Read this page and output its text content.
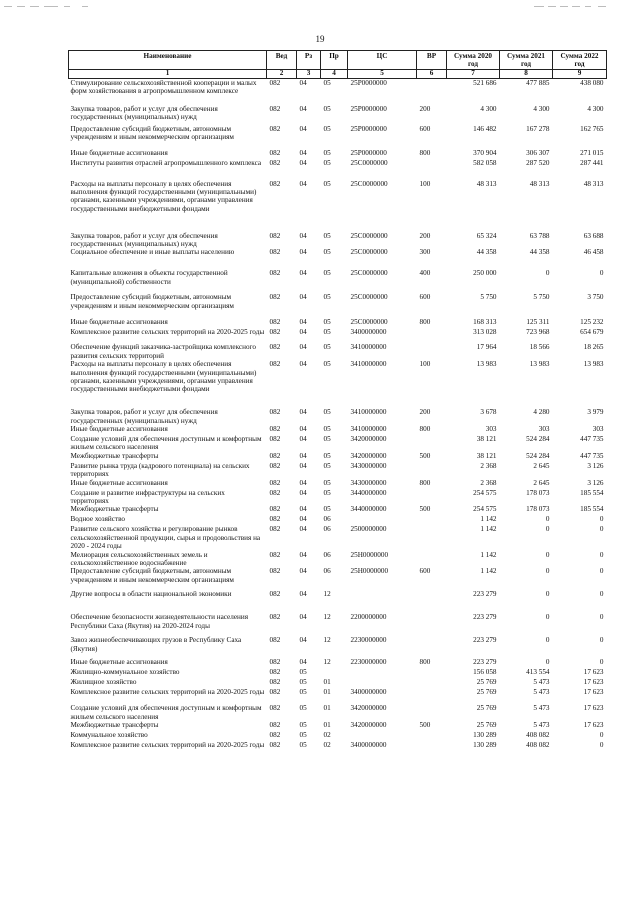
19
Наименование	Вед	Рз	Пр	ЦС	ВР	Сумма 2020 год	Сумма 2021 год	Сумма 2022 год
1	2	3	4	5	6	7	8	9
Стимулирование сельскохозяйственной кооперации и малых форм хозяйствования в агропромышленном комплексе	082	04	05	25P0000000		521 686	477 885	438 080
Закупка товаров, работ и услуг для обеспечения государственных (муниципальных) нужд	082	04	05	25P0000000	200	4 300	4 300	4 300
Предоставление субсидий бюджетным, автономным учреждениям и иным некоммерческим организациям	082	04	05	25P0000000	600	146 482	167 278	162 765
Иные бюджетные ассигнования	082	04	05	25P0000000	800	370 904	306 307	271 015
Институты развития отраслей агропромышленного комплекса	082	04	05	25C0000000		582 058	287 520	287 441
Расходы на выплаты персоналу в целях обеспечения выполнения функций государственными (муниципальными) органами, казенными учреждениями, органами управления государственными внебюджетными фондами	082	04	05	25C0000000	100	48 313	48 313	48 313
Закупка товаров, работ и услуг для обеспечения государственных (муниципальных) нужд	082	04	05	25C0000000	200	65 324	63 788	63 688
Социальное обеспечение и иные выплаты населению	082	04	05	25C0000000	300	44 358	44 358	46 458
Капитальные вложения в объекты государственной (муниципальной) собственности	082	04	05	25C0000000	400	250 000	0	0
Предоставление субсидий бюджетным, автономным учреждениям и иным некоммерческим организациям	082	04	05	25C0000000	600	5 750	5 750	3 750
Иные бюджетные ассигнования	082	04	05	25C0000000	800	168 313	125 311	125 232
Комплексное развитие сельских территорий на 2020-2025 годы	082	04	05	3400000000		313 028	723 968	654 679
Обеспечение функций заказчика-застройщика комплексного развития сельских территорий	082	04	05	3410000000		17 964	18 566	18 265
Расходы на выплаты персоналу в целях обеспечения выполнения функций государственными (муниципальными) органами, казенными учреждениями, органами управления государственными внебюджетными фондами	082	04	05	3410000000	100	13 983	13 983	13 983
Закупка товаров, работ и услуг для обеспечения государственных (муниципальных) нужд	082	04	05	3410000000	200	3 678	4 280	3 979
Иные бюджетные ассигнования	082	04	05	3410000000	800	303	303	303
Создание условий для обеспечения доступным и комфортным жильем сельского населения	082	04	05	3420000000		38 121	524 284	447 735
Межбюджетные трансферты	082	04	05	3420000000	500	38 121	524 284	447 735
Развитие рынка труда (кадрового потенциала) на сельских территориях	082	04	05	3430000000		2 368	2 645	3 126
Иные бюджетные ассигнования	082	04	05	3430000000	800	2 368	2 645	3 126
Создание и развитие инфраструктуры на сельских территориях	082	04	05	3440000000		254 575	178 073	185 554
Межбюджетные трансферты	082	04	05	3440000000	500	254 575	178 073	185 554
Водное хозяйство	082	04	06			1 142	0	0
Развитие сельского хозяйства и регулирование рынков сельскохозяйственной продукции, сырья и продовольствия на 2020 - 2024 годы	082	04	06	2500000000		1 142	0	0
Мелиорация сельскохозяйственных земель и сельскохозяйственное водоснабжение	082	04	06	25Н0000000		1 142	0	0
Предоставление субсидий бюджетным, автономным учреждениям и иным некоммерческим организациям	082	04	06	25Н0000000	600	1 142	0	0
Другие вопросы в области национальной экономики	082	04	12			223 279	0	0
Обеспечение безопасности жизнедеятельности населения Республики Саха (Якутия) на 2020-2024 годы	082	04	12	2200000000		223 279	0	0
Завоз жизнеобеспечивающих грузов в Республику Саха (Якутия)	082	04	12	2230000000		223 279	0	0
Иные бюджетные ассигнования	082	04	12	2230000000	800	223 279	0	0
Жилищно-коммунальное хозяйство	082	05				156 058	413 554	17 623
Жилищное хозяйство	082	05	01			25 769	5 473	17 623
Комплексное развитие сельских территорий на 2020-2025 годы	082	05	01	3400000000		25 769	5 473	17 623
Создание условий для обеспечения доступным и комфортным жильем сельского населения	082	05	01	3420000000		25 769	5 473	17 623
Межбюджетные трансферты	082	05	01	3420000000	500	25 769	5 473	17 623
Коммунальное хозяйство	082	05	02			130 289	408 082	0
Комплексное развитие сельских территорий на 2020-2025 годы	082	05	02	3400000000		130 289	408 082	0
